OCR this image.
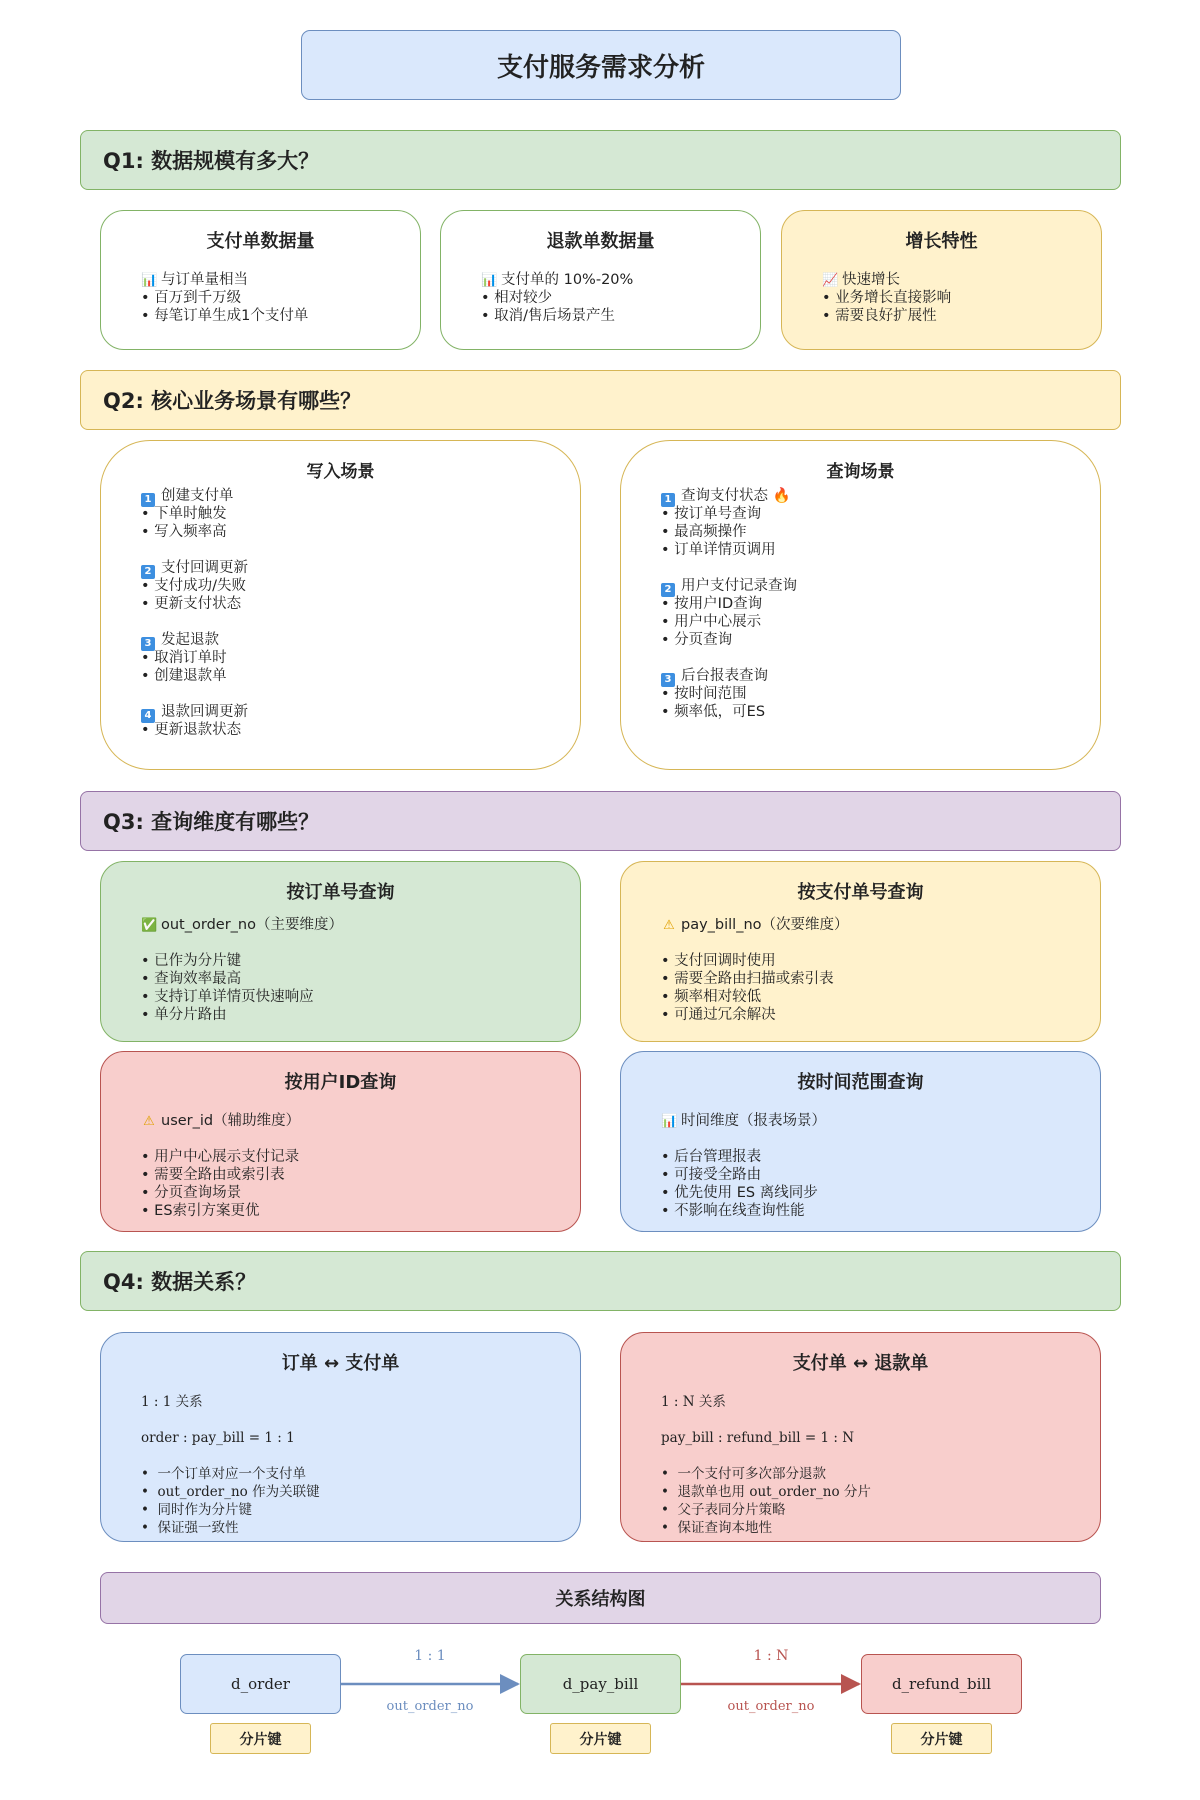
支付服务需求分析
Q1: 数据规模有多大？
支付单数据量
📊 与订单量相当
• 百万到千万级
• 每笔订单生成1个支付单
退款单数据量
📊 支付单的 10%-20%
• 相对较少
• 取消/售后场景产生
增长特性
📈 快速增长
• 业务增长直接影响
• 需要良好扩展性
Q2: 核心业务场景有哪些？
写入场景
1 创建支付单
• 下单时触发
• 写入频率高
2 支付回调更新
• 支付成功/失败
• 更新支付状态
3 发起退款
• 取消订单时
• 创建退款单
4 退款回调更新
• 更新退款状态
查询场景
1 查询支付状态 🔥
• 按订单号查询
• 最高频操作
• 订单详情页调用
2 用户支付记录查询
• 按用户ID查询
• 用户中心展示
• 分页查询
3 后台报表查询
• 按时间范围
• 频率低，可ES
Q3: 查询维度有哪些？
按订单号查询
✅ out_order_no（主要维度）
• 已作为分片键
• 查询效率最高
• 支持订单详情页快速响应
• 单分片路由
按支付单号查询
⚠ pay_bill_no（次要维度）
• 支付回调时使用
• 需要全路由扫描或索引表
• 频率相对较低
• 可通过冗余解决
按用户ID查询
⚠ user_id（辅助维度）
• 用户中心展示支付记录
• 需要全路由或索引表
• 分页查询场景
• ES索引方案更优
按时间范围查询
📊 时间维度（报表场景）
• 后台管理报表
• 可接受全路由
• 优先使用 ES 离线同步
• 不影响在线查询性能
Q4: 数据关系？
订单 ↔ 支付单
1 : 1 关系
order : pay_bill = 1 : 1
•  一个订单对应一个支付单
•  out_order_no 作为关联键
•  同时作为分片键
•  保证强一致性
支付单 ↔ 退款单
1 : N 关系
pay_bill : refund_bill = 1 : N
•  一个支付可多次部分退款
•  退款单也用 out_order_no 分片
•  父子表同分片策略
•  保证查询本地性
关系结构图
d_order	d_pay_bill	d_refund_bill
分片键	分片键	分片键
1 : 1
out_order_no
1 : N
out_order_no
